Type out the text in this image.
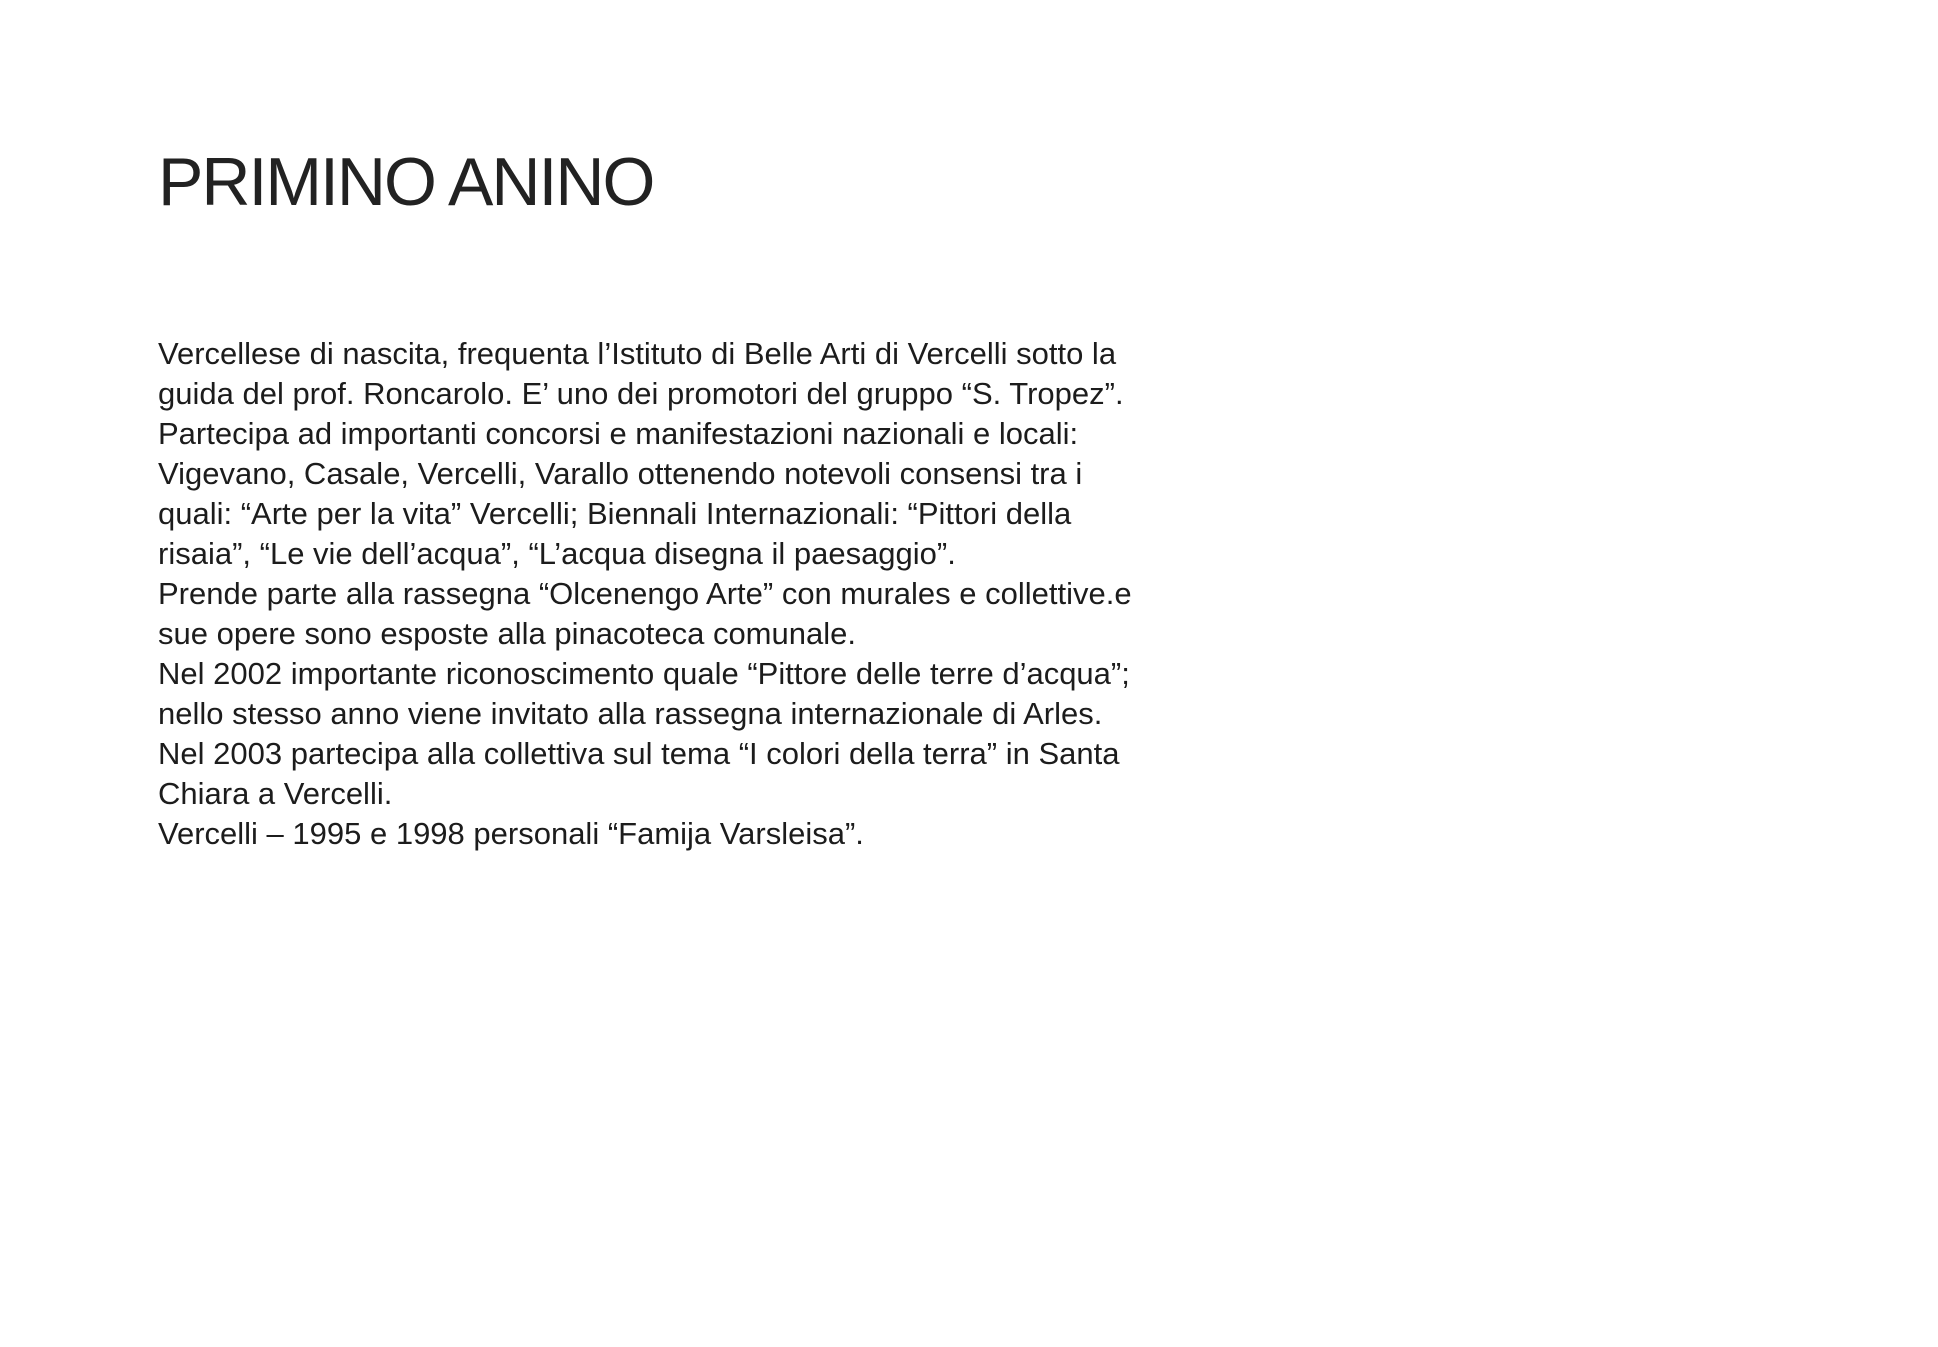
PRIMINO ANINO
Vercellese di nascita, frequenta l’Istituto di Belle Arti di Vercelli sotto la
guida del prof. Roncarolo. E’ uno dei promotori del gruppo “S. Tropez”.
Partecipa ad importanti concorsi e manifestazioni nazionali e locali:
Vigevano, Casale, Vercelli, Varallo ottenendo notevoli consensi tra i
quali: “Arte per la vita” Vercelli; Biennali Internazionali: “Pittori della
risaia”, “Le vie dell’acqua”, “L’acqua disegna il paesaggio”.
Prende parte alla rassegna “Olcenengo Arte” con murales e collettive.e
sue opere sono esposte alla pinacoteca comunale.
Nel 2002 importante riconoscimento quale “Pittore delle terre d’acqua”;
nello stesso anno viene invitato alla rassegna internazionale di Arles.
Nel 2003 partecipa alla collettiva sul tema “I colori della terra” in Santa
Chiara a Vercelli.
Vercelli – 1995 e 1998 personali “Famija Varsleisa”.
